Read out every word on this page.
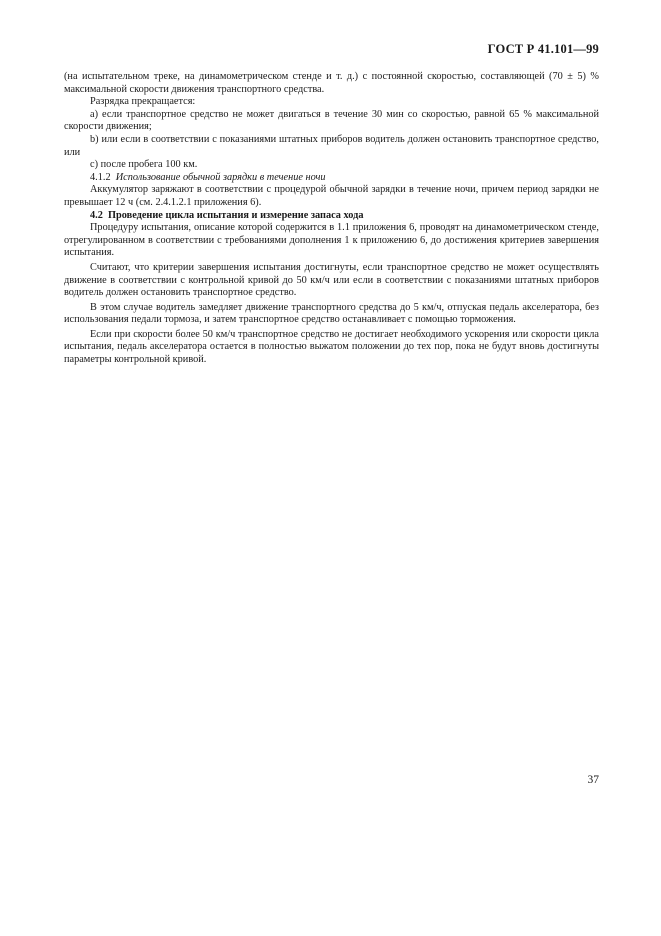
ГОСТ Р 41.101—99

(на испытательном треке, на динамометрическом стенде и т. д.) с постоянной скоростью, составляющей (70 ± 5) % максимальной скорости движения транспортного средства.

Разрядка прекращается:

a) если транспортное средство не может двигаться в течение 30 мин со скоростью, равной 65 % максимальной скорости движения;

b) или если в соответствии с показаниями штатных приборов водитель должен остановить транспортное средство, или

c) после пробега 100 км.

4.1.2 Использование обычной зарядки в течение ночи

Аккумулятор заряжают в соответствии с процедурой обычной зарядки в течение ночи, причем период зарядки не превышает 12 ч (см. 2.4.1.2.1 приложения 6).

4.2 Проведение цикла испытания и измерение запаса хода

Процедуру испытания, описание которой содержится в 1.1 приложения 6, проводят на динамометрическом стенде, отрегулированном в соответствии с требованиями дополнения 1 к приложению 6, до достижения критериев завершения испытания.

Считают, что критерии завершения испытания достигнуты, если транспортное средство не может осуществлять движение в соответствии с контрольной кривой до 50 км/ч или если в соответствии с показаниями штатных приборов водитель должен остановить транспортное средство.

В этом случае водитель замедляет движение транспортного средства до 5 км/ч, отпуская педаль акселератора, без использования педали тормоза, и затем транспортное средство останавливает с помощью торможения.

Если при скорости более 50 км/ч транспортное средство не достигает необходимого ускорения или скорости цикла испытания, педаль акселератора остается в полностью выжатом положении до тех пор, пока не будут вновь достигнуты параметры контрольной кривой.

37
